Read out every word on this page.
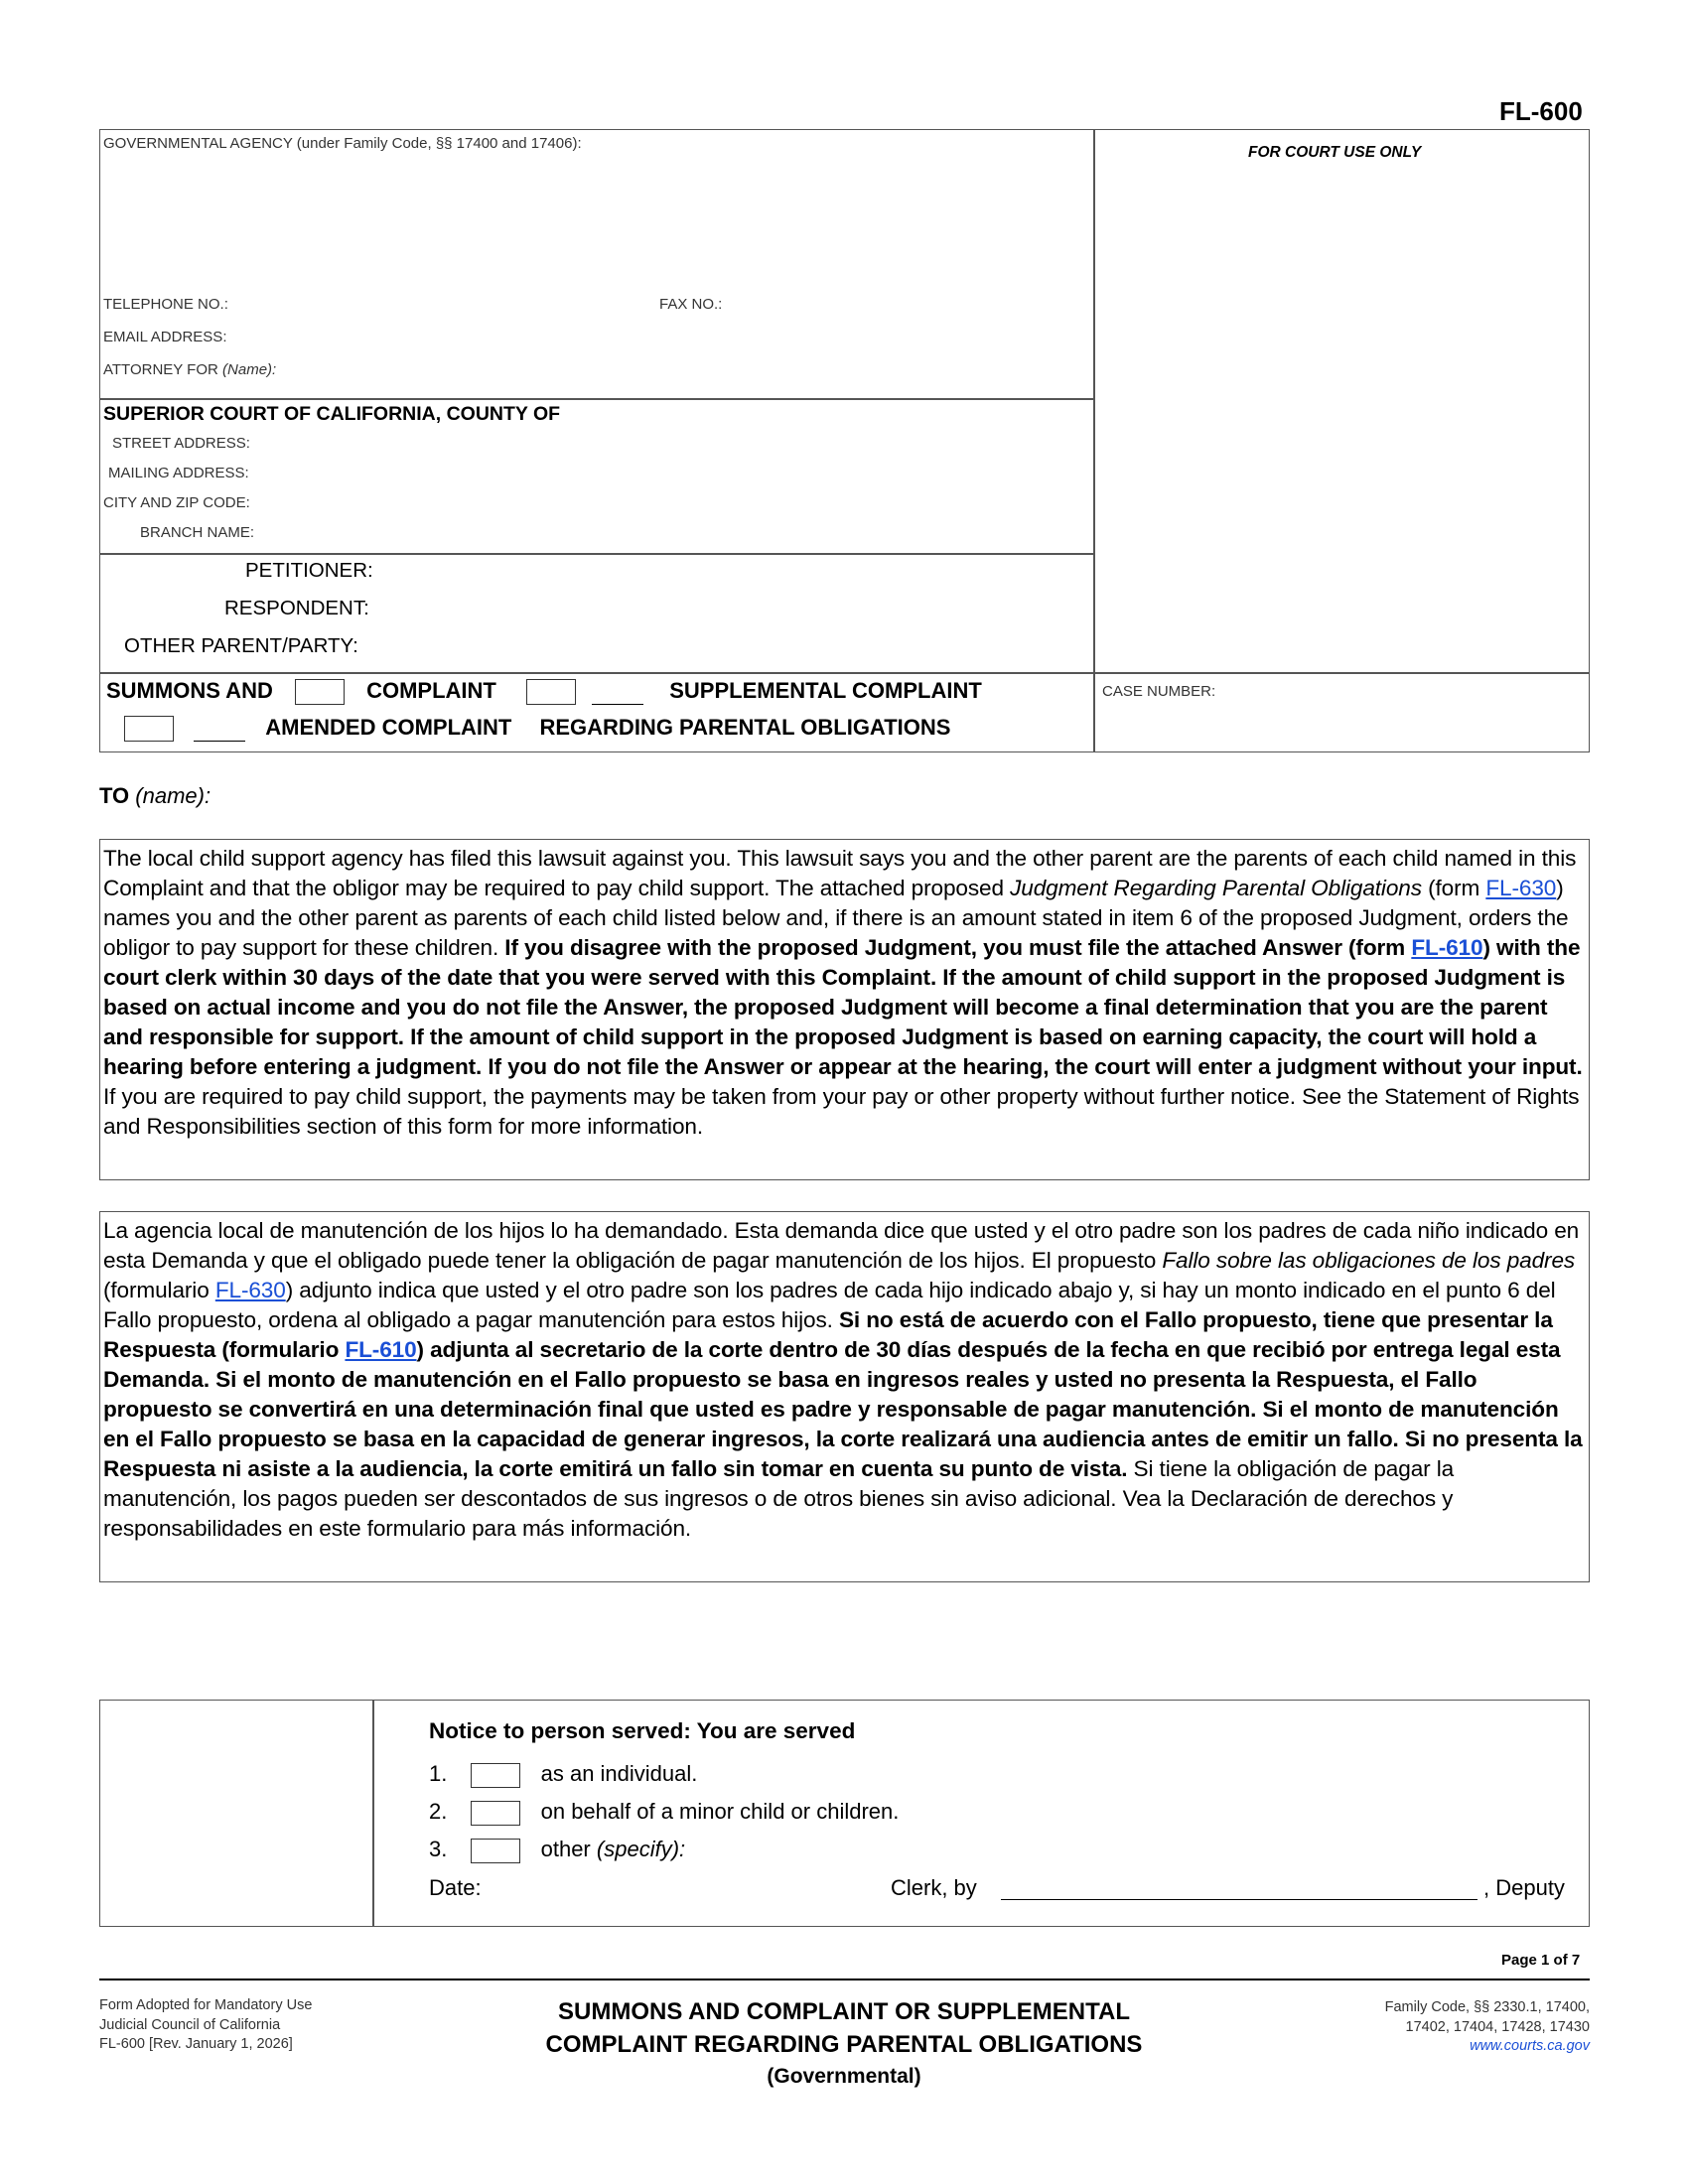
FL-600
GOVERNMENTAL AGENCY (under Family Code, §§ 17400 and 17406):
TELEPHONE NO.:	FAX NO.:
EMAIL ADDRESS:
ATTORNEY FOR (Name):
SUPERIOR COURT OF CALIFORNIA, COUNTY OF
STREET ADDRESS:
MAILING ADDRESS:
CITY AND ZIP CODE:
BRANCH NAME:
PETITIONER:
RESPONDENT:
OTHER PARENT/PARTY:
FOR COURT USE ONLY
CASE NUMBER:
SUMMONS AND	COMPLAINT	SUPPLEMENTAL COMPLAINT
AMENDED COMPLAINT REGARDING PARENTAL OBLIGATIONS
TO (name):
The local child support agency has filed this lawsuit against you. This lawsuit says you and the other parent are the parents of each child named in this Complaint and that the obligor may be required to pay child support. The attached proposed Judgment Regarding Parental Obligations (form FL-630) names you and the other parent as parents of each child listed below and, if there is an amount stated in item 6 of the proposed Judgment, orders the obligor to pay support for these children. If you disagree with the proposed Judgment, you must file the attached Answer (form FL-610) with the court clerk within 30 days of the date that you were served with this Complaint. If the amount of child support in the proposed Judgment is based on actual income and you do not file the Answer, the proposed Judgment will become a final determination that you are the parent and responsible for support. If the amount of child support in the proposed Judgment is based on earning capacity, the court will hold a hearing before entering a judgment. If you do not file the Answer or appear at the hearing, the court will enter a judgment without your input. If you are required to pay child support, the payments may be taken from your pay or other property without further notice. See the Statement of Rights and Responsibilities section of this form for more information.
La agencia local de manutención de los hijos lo ha demandado. Esta demanda dice que usted y el otro padre son los padres de cada niño indicado en esta Demanda y que el obligado puede tener la obligación de pagar manutención de los hijos. El propuesto Fallo sobre las obligaciones de los padres (formulario FL-630) adjunto indica que usted y el otro padre son los padres de cada hijo indicado abajo y, si hay un monto indicado en el punto 6 del Fallo propuesto, ordena al obligado a pagar manutención para estos hijos. Si no está de acuerdo con el Fallo propuesto, tiene que presentar la Respuesta (formulario FL-610) adjunta al secretario de la corte dentro de 30 días después de la fecha en que recibió por entrega legal esta Demanda. Si el monto de manutención en el Fallo propuesto se basa en ingresos reales y usted no presenta la Respuesta, el Fallo propuesto se convertirá en una determinación final que usted es padre y responsable de pagar manutención. Si el monto de manutención en el Fallo propuesto se basa en la capacidad de generar ingresos, la corte realizará una audiencia antes de emitir un fallo. Si no presenta la Respuesta ni asiste a la audiencia, la corte emitirá un fallo sin tomar en cuenta su punto de vista. Si tiene la obligación de pagar la manutención, los pagos pueden ser descontados de sus ingresos o de otros bienes sin aviso adicional. Vea la Declaración de derechos y responsabilidades en este formulario para más información.
Notice to person served: You are served
1.	as an individual.
2.	on behalf of a minor child or children.
3.	other (specify):
Date:	Clerk, by	, Deputy
Page 1 of 7
Form Adopted for Mandatory Use
Judicial Council of California
FL-600 [Rev. January 1, 2026]
SUMMONS AND COMPLAINT OR SUPPLEMENTAL
COMPLAINT REGARDING PARENTAL OBLIGATIONS
(Governmental)
Family Code, §§ 2330.1, 17400,
17402, 17404, 17428, 17430
www.courts.ca.gov
